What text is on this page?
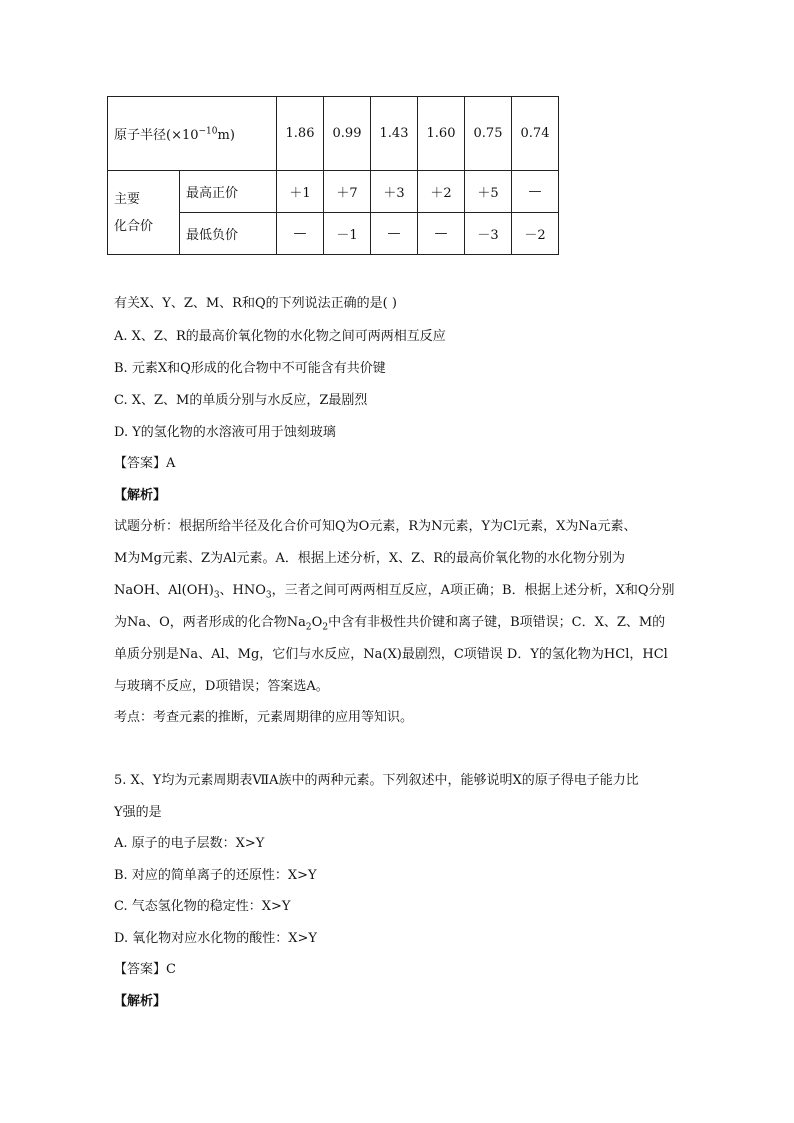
原子半径$(\times 10^{-10}m)$		1.86	0.99	1.43	1.60	0.75	0.74

主要
化合价	最高正价	＋1	＋7	＋3	＋2	＋5	—
	最低负价	—	－1	—	—	－3	－2
有关X、Y、Z、M、R和Q的下列说法正确的是( )
A. X、Z、R的最高价氧化物的水化物之间可两两相互反应
B. 元素X和Q形成的化合物中不可能含有共价键
C. X、Z、M的单质分别与水反应，Z最剧烈
D. Y的氢化物的水溶液可用于蚀刻玻璃
【答案】A
【解析】
试题分析：根据所给半径及化合价可知Q为O元素，R为N元素，Y为Cl元素，X为Na元素、
M为Mg元素、Z为Al元素。A．根据上述分析，X、Z、R的最高价氧化物的水化物分别为
NaOH、$Al(OH)_3$、$HNO_3$，三者之间可两两相互反应，A项正确；B．根据上述分析，X和Q分别
为Na、O，两者形成的化合物$Na_2O_2$中含有非极性共价键和离子键，B项错误；C．X、Z、M的
单质分别是Na、Al、Mg，它们与水反应，Na(X)最剧烈，C项错误 D．Y的氢化物为HCl，HCl
与玻璃不反应，D项错误；答案选A。
考点：考查元素的推断，元素周期律的应用等知识。
5. X、Y均为元素周期表ⅦA族中的两种元素。下列叙述中，能够说明X的原子得电子能力比
Y强的是
A. 原子的电子层数：X>Y
B. 对应的简单离子的还原性：X>Y
C. 气态氢化物的稳定性：X>Y
D. 氧化物对应水化物的酸性：X>Y
【答案】C
【解析】
